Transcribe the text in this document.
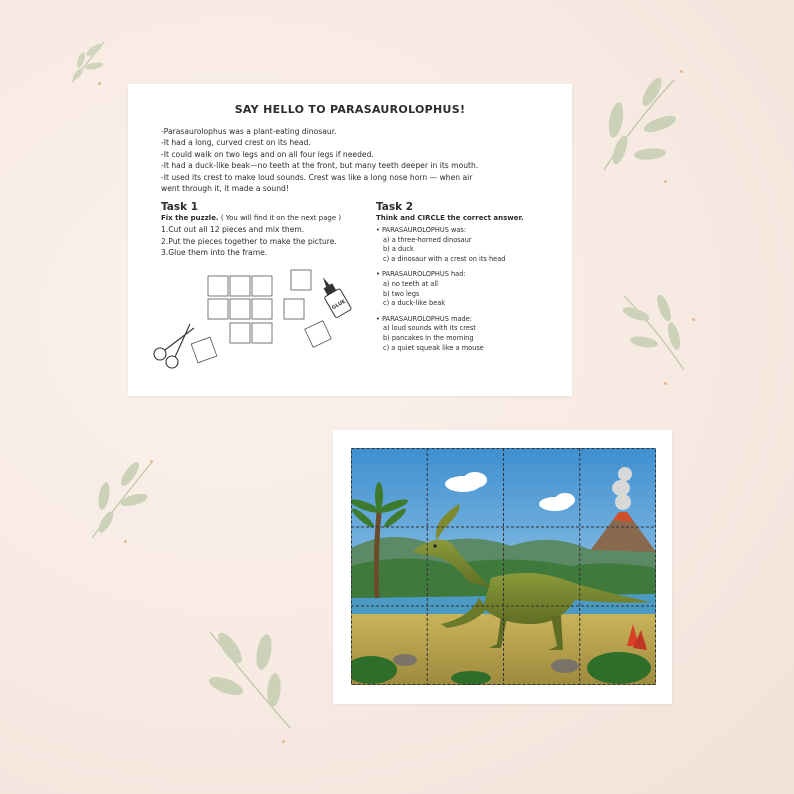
SAY HELLO TO PARASAUROLOPHUS!
-Parasaurolophus was a plant-eating dinosaur.
-It had a long, curved crest on its head.
-It could walk on two legs and on all four legs if needed.
-It had a duck-like beak—no teeth at the front, but many teeth deeper in its mouth.
-It used its crest to make loud sounds. Crest was like a long nose horn — when air
went through it, it made a sound!
Task 1
Fix the puzzle. ( You will find it on the next page )
1.Cut out all 12 pieces and mix them.
2.Put the pieces together to make the picture.
3.Glue them into the frame.
GLUE
Task 2
Think and CIRCLE the correct answer.
• PARASAUROLOPHUS was:
a) a three-horned dinosaur
b) a duck
c) a dinosaur with a crest on its head
• PARASAUROLOPHUS had:
a) no teeth at all
b) two legs
c) a duck-like beak
• PARASAUROLOPHUS made:
a) loud sounds with its crest
b) pancakes in the morning
c) a quiet squeak like a mouse
